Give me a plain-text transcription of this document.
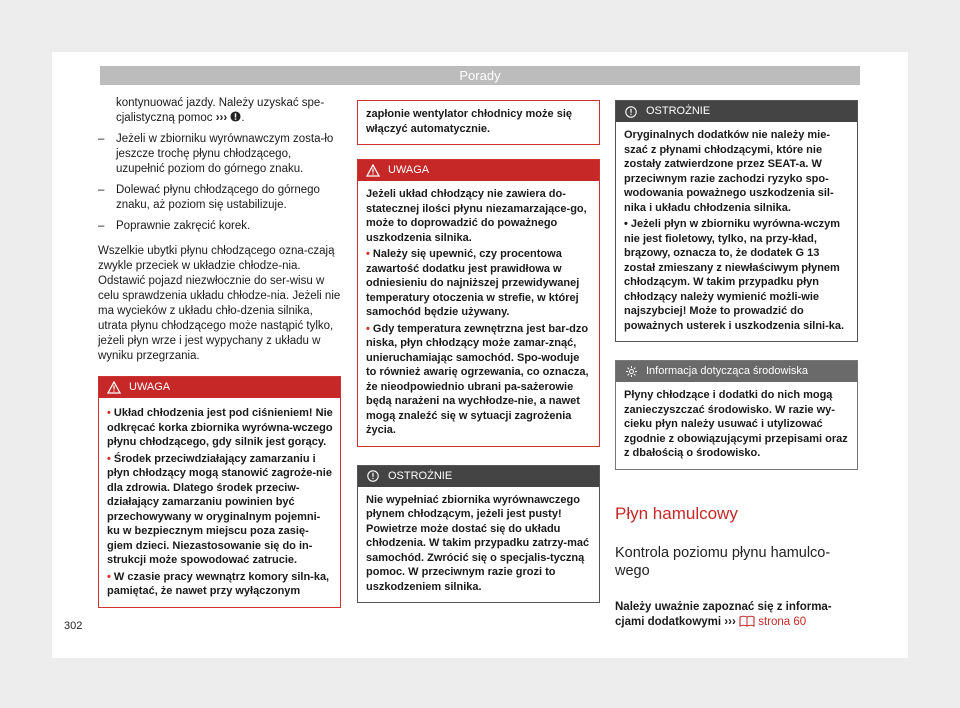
Porady

kontynuować jazdy. Należy uzyskać spe-cjalistyczną pomoc ››› .

– Jeżeli w zbiorniku wyrównawczym zosta-ło jeszcze trochę płynu chłodzącego, uzupełnić poziom do górnego znaku.
– Dolewać płynu chłodzącego do górnego znaku, aż poziom się ustabilizuje.
– Poprawnie zakręcić korek.

Wszelkie ubytki płynu chłodzącego ozna-czają zwykle przeciek w układzie chłodze-nia. Odstawić pojazd niezwłocznie do ser-wisu w celu sprawdzenia układu chłodze-nia. Jeżeli nie ma wycieków z układu chło-dzenia silnika, utrata płynu chłodzącego może nastąpić tylko, jeżeli płyn wrze i jest wypychany z układu w wyniku przegrzania.

UWAGA
• Układ chłodzenia jest pod ciśnieniem! Nie odkręcać korka zbiornika wyrówna-wczego płynu chłodzącego, gdy silnik jest gorący.
• Środek przeciwdziałający zamarzaniu i płyn chłodzący mogą stanowić zagroże-nie dla zdrowia. Dlatego środek przeciw-działający zamarzaniu powinien być przechowywany w oryginalnym pojemni-ku w bezpiecznym miejscu poza zasię-giem dzieci. Niezastosowanie się do in-strukcji może spowodować zatrucie.
• W czasie pracy wewnątrz komory siln-ka, pamiętać, że nawet przy wyłączonym
zapłonie wentylator chłodnicy może się włączyć automatycznie.
UWAGA
Jeżeli układ chłodzący nie zawiera do-statecznej ilości płynu niezamarzające-go, może to doprowadzić do poważnego uszkodzenia silnika.
• Należy się upewnić, czy procentowa zawartość dodatku jest prawidłowa w odniesieniu do najniższej przewidywanej temperatury otoczenia w strefie, w której samochód będzie używany.
• Gdy temperatura zewnętrzna jest bar-dzo niska, płyn chłodzący może zamar-znąć, unieruchamiając samochód. Spo-woduje to również awarię ogrzewania, co oznacza, że nieodpowiednio ubrani pa-sażerowie będą narażeni na wychłodze-nie, a nawet mogą znaleźć się w sytuacji zagrożenia życia.
OSTROŻNIE
Nie wypełniać zbiornika wyrównawczego płynem chłodzącym, jeżeli jest pusty! Powietrze może dostać się do układu chłodzenia. W takim przypadku zatrzy-mać samochód. Zwrócić się o specjalis-tyczną pomoc. W przeciwnym razie grozi to uszkodzeniem silnika.
OSTROŻNIE
Oryginalnych dodatków nie należy mie-szać z płynami chłodzącymi, które nie zostały zatwierdzone przez SEAT-a. W przeciwnym razie zachodzi ryzyko spo-wodowania poważnego uszkodzenia sil-nika i układu chłodzenia silnika.
• Jeżeli płyn w zbiorniku wyrówna-wczym nie jest fioletowy, tylko, na przy-kład, brązowy, oznacza to, że dodatek G 13 został zmieszany z niewłaściwym płynem chłodzącym. W takim przypadku płyn chłodzący należy wymienić możli-wie najszybciej! Może to prowadzić do poważnych usterek i uszkodzenia silni-ka.
Informacja dotycząca środowiska
Płyny chłodzące i dodatki do nich mogą zanieczyszczać środowisko. W razie wy-cieku płyn należy usuwać i utylizować zgodnie z obowiązującymi przepisami oraz z dbałością o środowisko.
Płyn hamulcowy
Kontrola poziomu płynu hamulco-wego

Należy uważnie zapoznać się z informa-cjami dodatkowymi ››› strona 60

302
